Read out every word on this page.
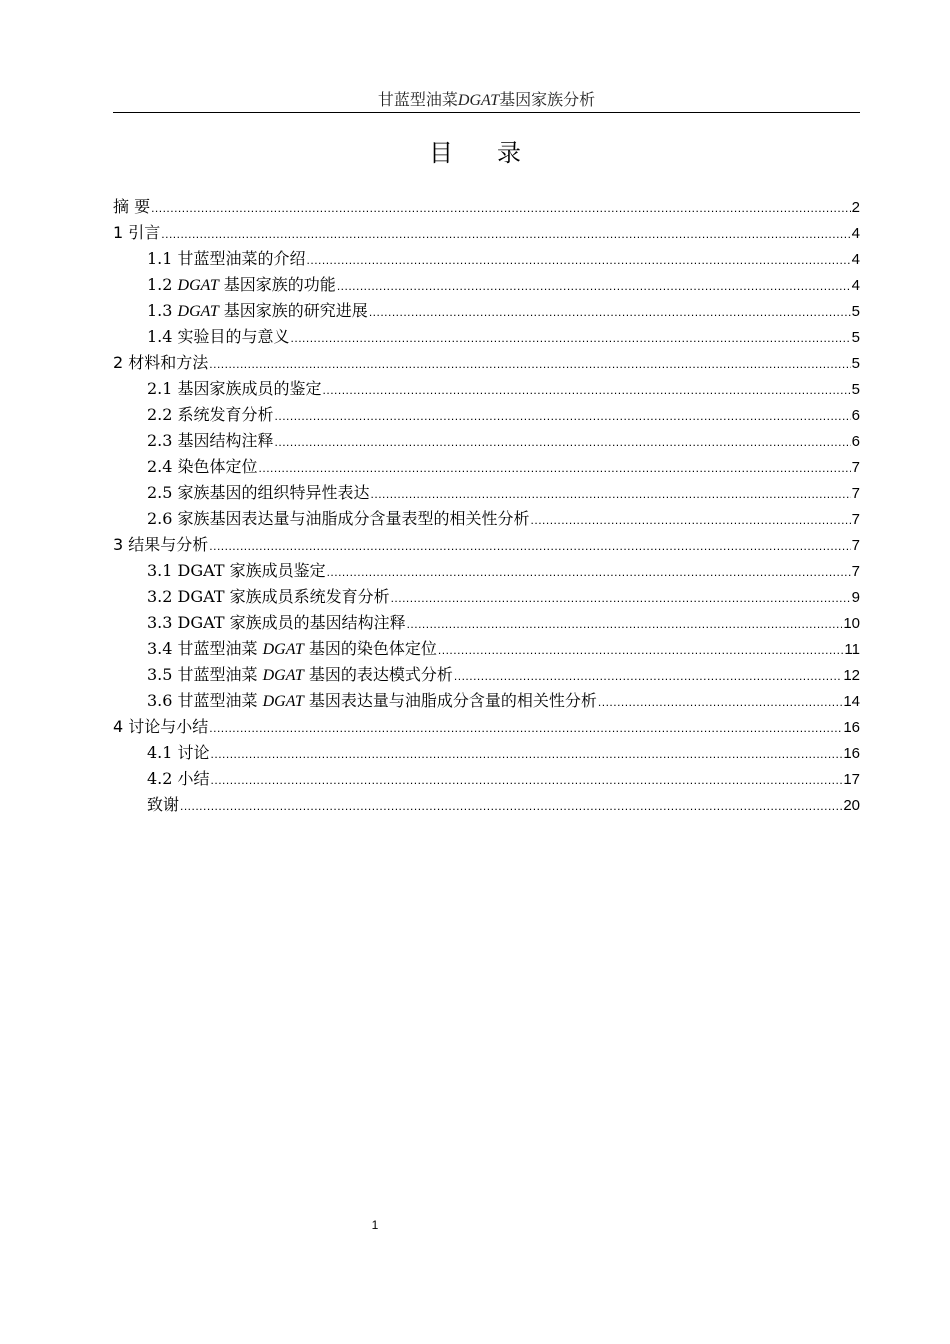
甘蓝型油菜DGAT基因家族分析
目 录
摘 要 .....	2
1 引言 .....	4
1.1 甘蓝型油菜的介绍 .....	4
1.2 DGAT 基因家族的功能 .....	4
1.3 DGAT 基因家族的研究进展 .....	5
1.4 实验目的与意义 .....	5
2 材料和方法 .....	5
2.1 基因家族成员的鉴定 .....	5
2.2 系统发育分析 .....	6
2.3 基因结构注释 .....	6
2.4 染色体定位 .....	7
2.5 家族基因的组织特异性表达 .....	7
2.6 家族基因表达量与油脂成分含量表型的相关性分析 .....	7
3 结果与分析 .....	7
3.1 DGAT 家族成员鉴定 .....	7
3.2 DGAT 家族成员系统发育分析 .....	9
3.3 DGAT 家族成员的基因结构注释 .....	10
3.4 甘蓝型油菜 DGAT 基因的染色体定位 .....	11
3.5 甘蓝型油菜 DGAT 基因的表达模式分析 .....	12
3.6 甘蓝型油菜 DGAT 基因表达量与油脂成分含量的相关性分析 .....	14
4 讨论与小结 .....	16
4.1 讨论 .....	16
4.2 小结 .....	17
致谢 .....	20
1
